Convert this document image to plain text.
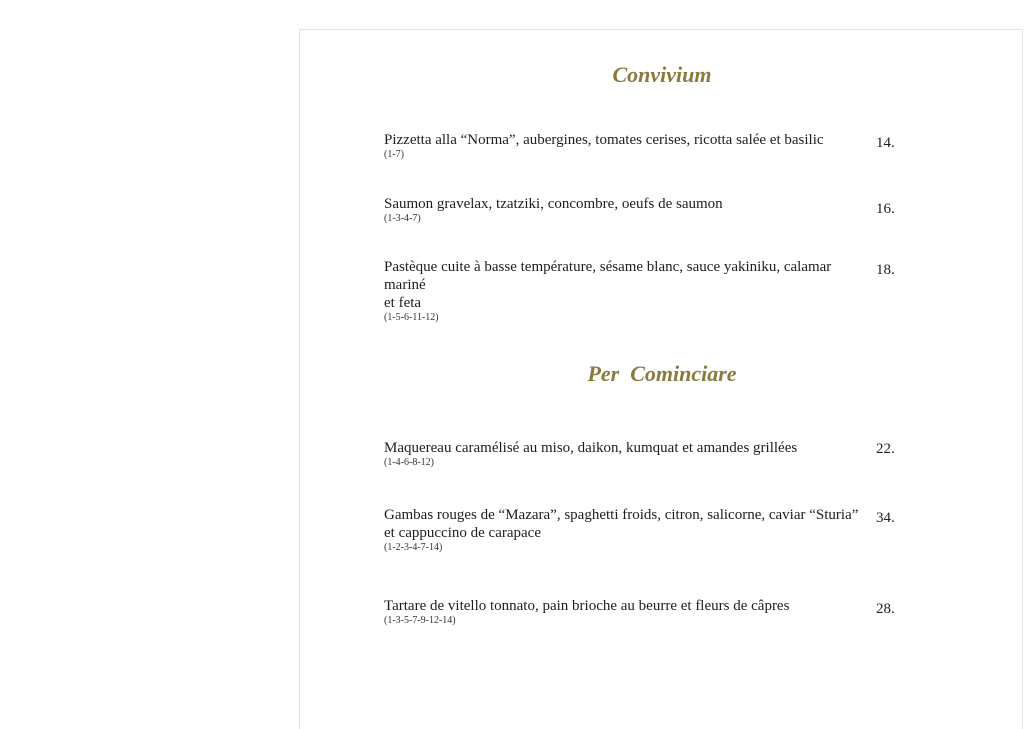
Convivium
Pizzetta alla “Norma”, aubergines, tomates cerises, ricotta salée et basilic
(1-7)
14.
Saumon gravelax, tzatziki, concombre, oeufs de saumon
(1-3-4-7)
16.
Pastèque cuite à basse température, sésame blanc, sauce yakiniku, calamar
mariné
et feta
(1-5-6-11-12)
18.
Per  Cominciare
Maquereau caramélisé au miso, daikon, kumquat et amandes grillées
(1-4-6-8-12)
22.
Gambas rouges de “Mazara”, spaghetti froids, citron, salicorne, caviar “Sturia”
et cappuccino de carapace
(1-2-3-4-7-14)
34.
Tartare de vitello tonnato, pain brioche au beurre et fleurs de câpres
(1-3-5-7-9-12-14)
28.
